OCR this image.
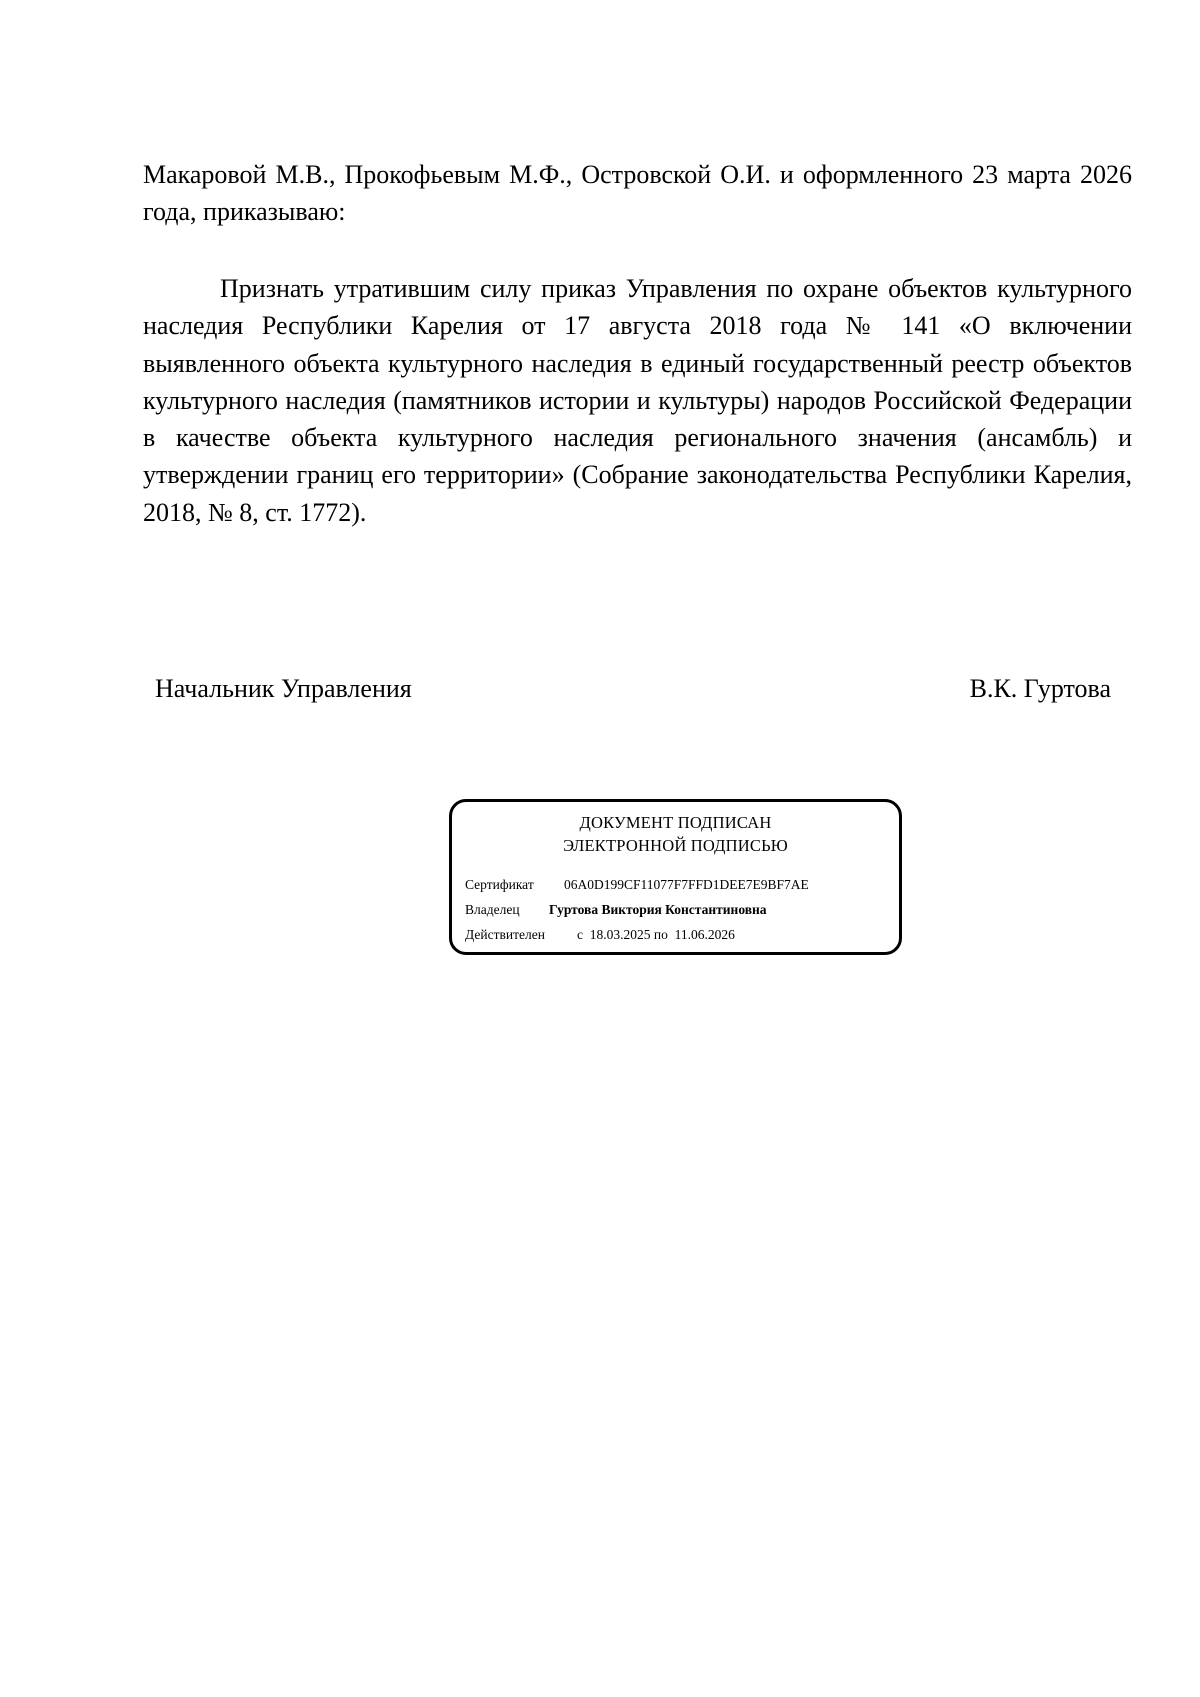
Макаровой М.В., Прокофьевым М.Ф., Островской О.И. и оформленного 23 марта 2026 года, приказываю:

Признать утратившим силу приказ Управления по охране объектов культурного наследия Республики Карелия от 17 августа 2018 года № 141 «О включении выявленного объекта культурного наследия в единый государственный реестр объектов культурного наследия (памятников истории и культуры) народов Российской Федерации в качестве объекта культурного наследия регионального значения (ансамбль) и утверждении границ его территории» (Собрание законодательства Республики Карелия, 2018, № 8, ст. 1772).

Начальник Управления	В.К. Гуртова
ДОКУМЕНТ ПОДПИСАН
ЭЛЕКТРОННОЙ ПОДПИСЬЮ
Сертификат 06A0D199CF11077F7FFD1DEE7E9BF7AE
Владелец Гуртова Виктория Константиновна
Действителен с 18.03.2025 по 11.06.2026
